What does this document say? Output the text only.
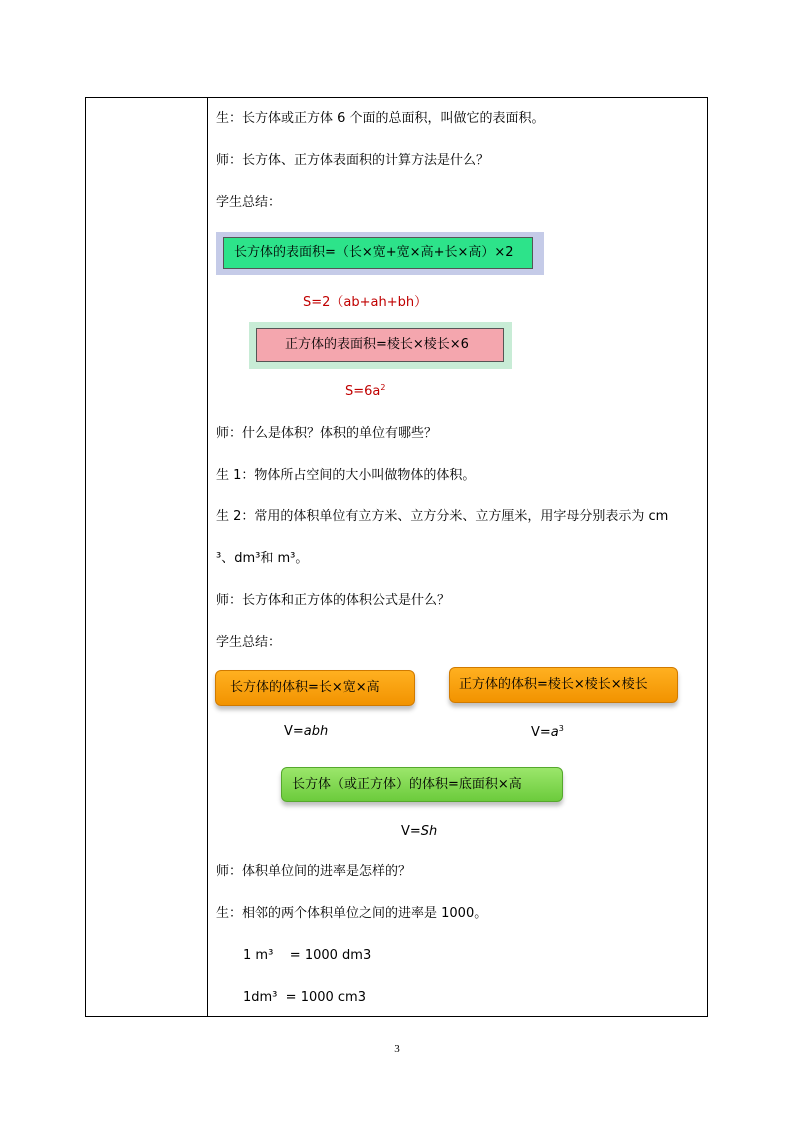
生：长方体或正方体 6 个面的总面积，叫做它的表面积。
师：长方体、正方体表面积的计算方法是什么？
学生总结：
长方体的表面积=（长×宽+宽×高+长×高）×2
S=2（ab+ah+bh）
正方体的表面积=棱长×棱长×6
$S=6a^2$
师：什么是体积？体积的单位有哪些？
生 1：物体所占空间的大小叫做物体的体积。
生 2：常用的体积单位有立方米、立方分米、立方厘米，用字母分别表示为 cm
³、dm³和 m³。
师：长方体和正方体的体积公式是什么？
学生总结：
长方体的体积=长×宽×高	正方体的体积=棱长×棱长×棱长
V=abh	$V=a^3$
长方体（或正方体）的体积=底面积×高
V=Sh
师：体积单位间的进率是怎样的？
生：相邻的两个体积单位之间的进率是 1000。
1 m³    = 1000 dm3
1dm³  = 1000 cm3
3
